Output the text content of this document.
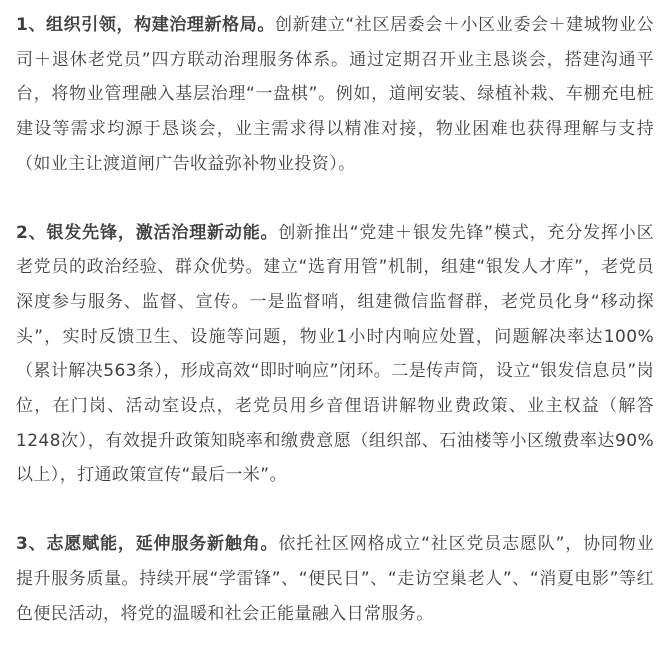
1、组织引领，构建治理新格局。创新建立“社区居委会＋小区业委会＋建城物业公司＋退休老党员”四方联动治理服务体系。通过定期召开业主恳谈会，搭建沟通平台，将物业管理融入基层治理“一盘棋”。例如，道闸安装、绿植补栽、车棚充电桩建设等需求均源于恳谈会，业主需求得以精准对接，物业困难也获得理解与支持（如业主让渡道闸广告收益弥补物业投资）。

2、银发先锋，激活治理新动能。创新推出“党建＋银发先锋”模式，充分发挥小区老党员的政治经验、群众优势。建立“选育用管”机制，组建“银发人才库”，老党员深度参与服务、监督、宣传。一是监督哨，组建微信监督群，老党员化身“移动探头”，实时反馈卫生、设施等问题，物业1小时内响应处置，问题解决率达100%（累计解决563条），形成高效“即时响应”闭环。二是传声筒，设立“银发信息员”岗位，在门岗、活动室设点，老党员用乡音俚语讲解物业费政策、业主权益（解答1248次），有效提升政策知晓率和缴费意愿（组织部、石油楼等小区缴费率达90%以上），打通政策宣传“最后一米”。

3、志愿赋能，延伸服务新触角。依托社区网格成立“社区党员志愿队”，协同物业提升服务质量。持续开展“学雷锋”、“便民日”、“走访空巢老人”、“消夏电影”等红色便民活动，将党的温暖和社会正能量融入日常服务。
